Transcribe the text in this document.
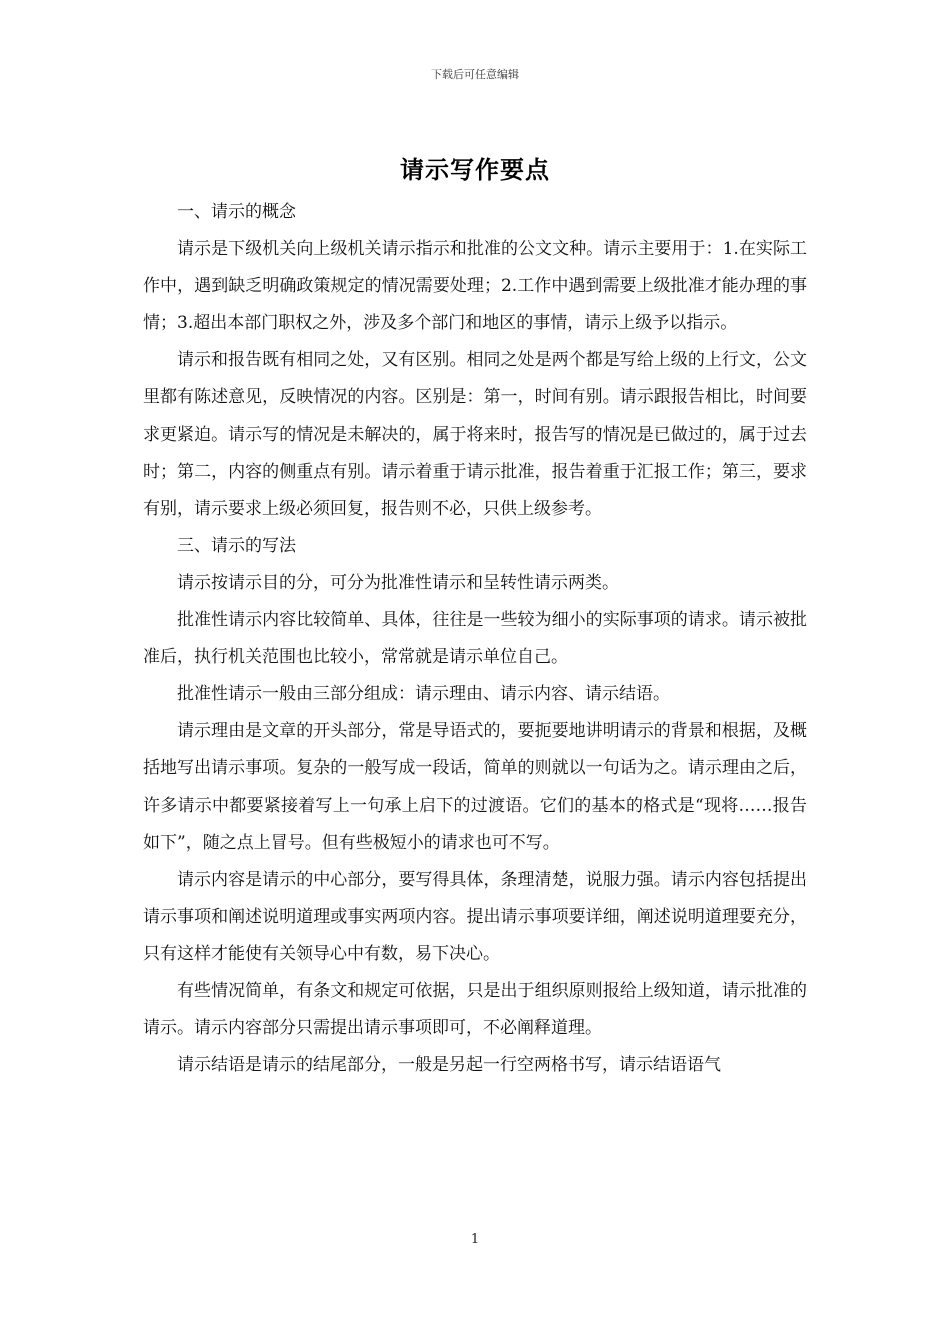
下载后可任意编辑
请示写作要点

一、请示的概念

请示是下级机关向上级机关请示指示和批准的公文文种。请示主要用于：1.在实际工作中，遇到缺乏明确政策规定的情况需要处理；2.工作中遇到需要上级批准才能办理的事情；3.超出本部门职权之外，涉及多个部门和地区的事情，请示上级予以指示。

请示和报告既有相同之处，又有区别。相同之处是两个都是写给上级的上行文，公文里都有陈述意见，反映情况的内容。区别是：第一，时间有别。请示跟报告相比，时间要求更紧迫。请示写的情况是未解决的，属于将来时，报告写的情况是已做过的，属于过去时；第二，内容的侧重点有别。请示着重于请示批准，报告着重于汇报工作；第三，要求有别，请示要求上级必须回复，报告则不必，只供上级参考。

三、请示的写法

请示按请示目的分，可分为批准性请示和呈转性请示两类。

批准性请示内容比较简单、具体，往往是一些较为细小的实际事项的请求。请示被批准后，执行机关范围也比较小，常常就是请示单位自己。

批准性请示一般由三部分组成：请示理由、请示内容、请示结语。

请示理由是文章的开头部分，常是导语式的，要扼要地讲明请示的背景和根据，及概括地写出请示事项。复杂的一般写成一段话，简单的则就以一句话为之。请示理由之后，许多请示中都要紧接着写上一句承上启下的过渡语。它们的基本的格式是“现将……报告如下”，随之点上冒号。但有些极短小的请求也可不写。

请示内容是请示的中心部分，要写得具体，条理清楚，说服力强。请示内容包括提出请示事项和阐述说明道理或事实两项内容。提出请示事项要详细，阐述说明道理要充分，只有这样才能使有关领导心中有数，易下决心。

有些情况简单，有条文和规定可依据，只是出于组织原则报给上级知道，请示批准的请示。请示内容部分只需提出请示事项即可，不必阐释道理。

请示结语是请示的结尾部分，一般是另起一行空两格书写，请示结语语气

1
